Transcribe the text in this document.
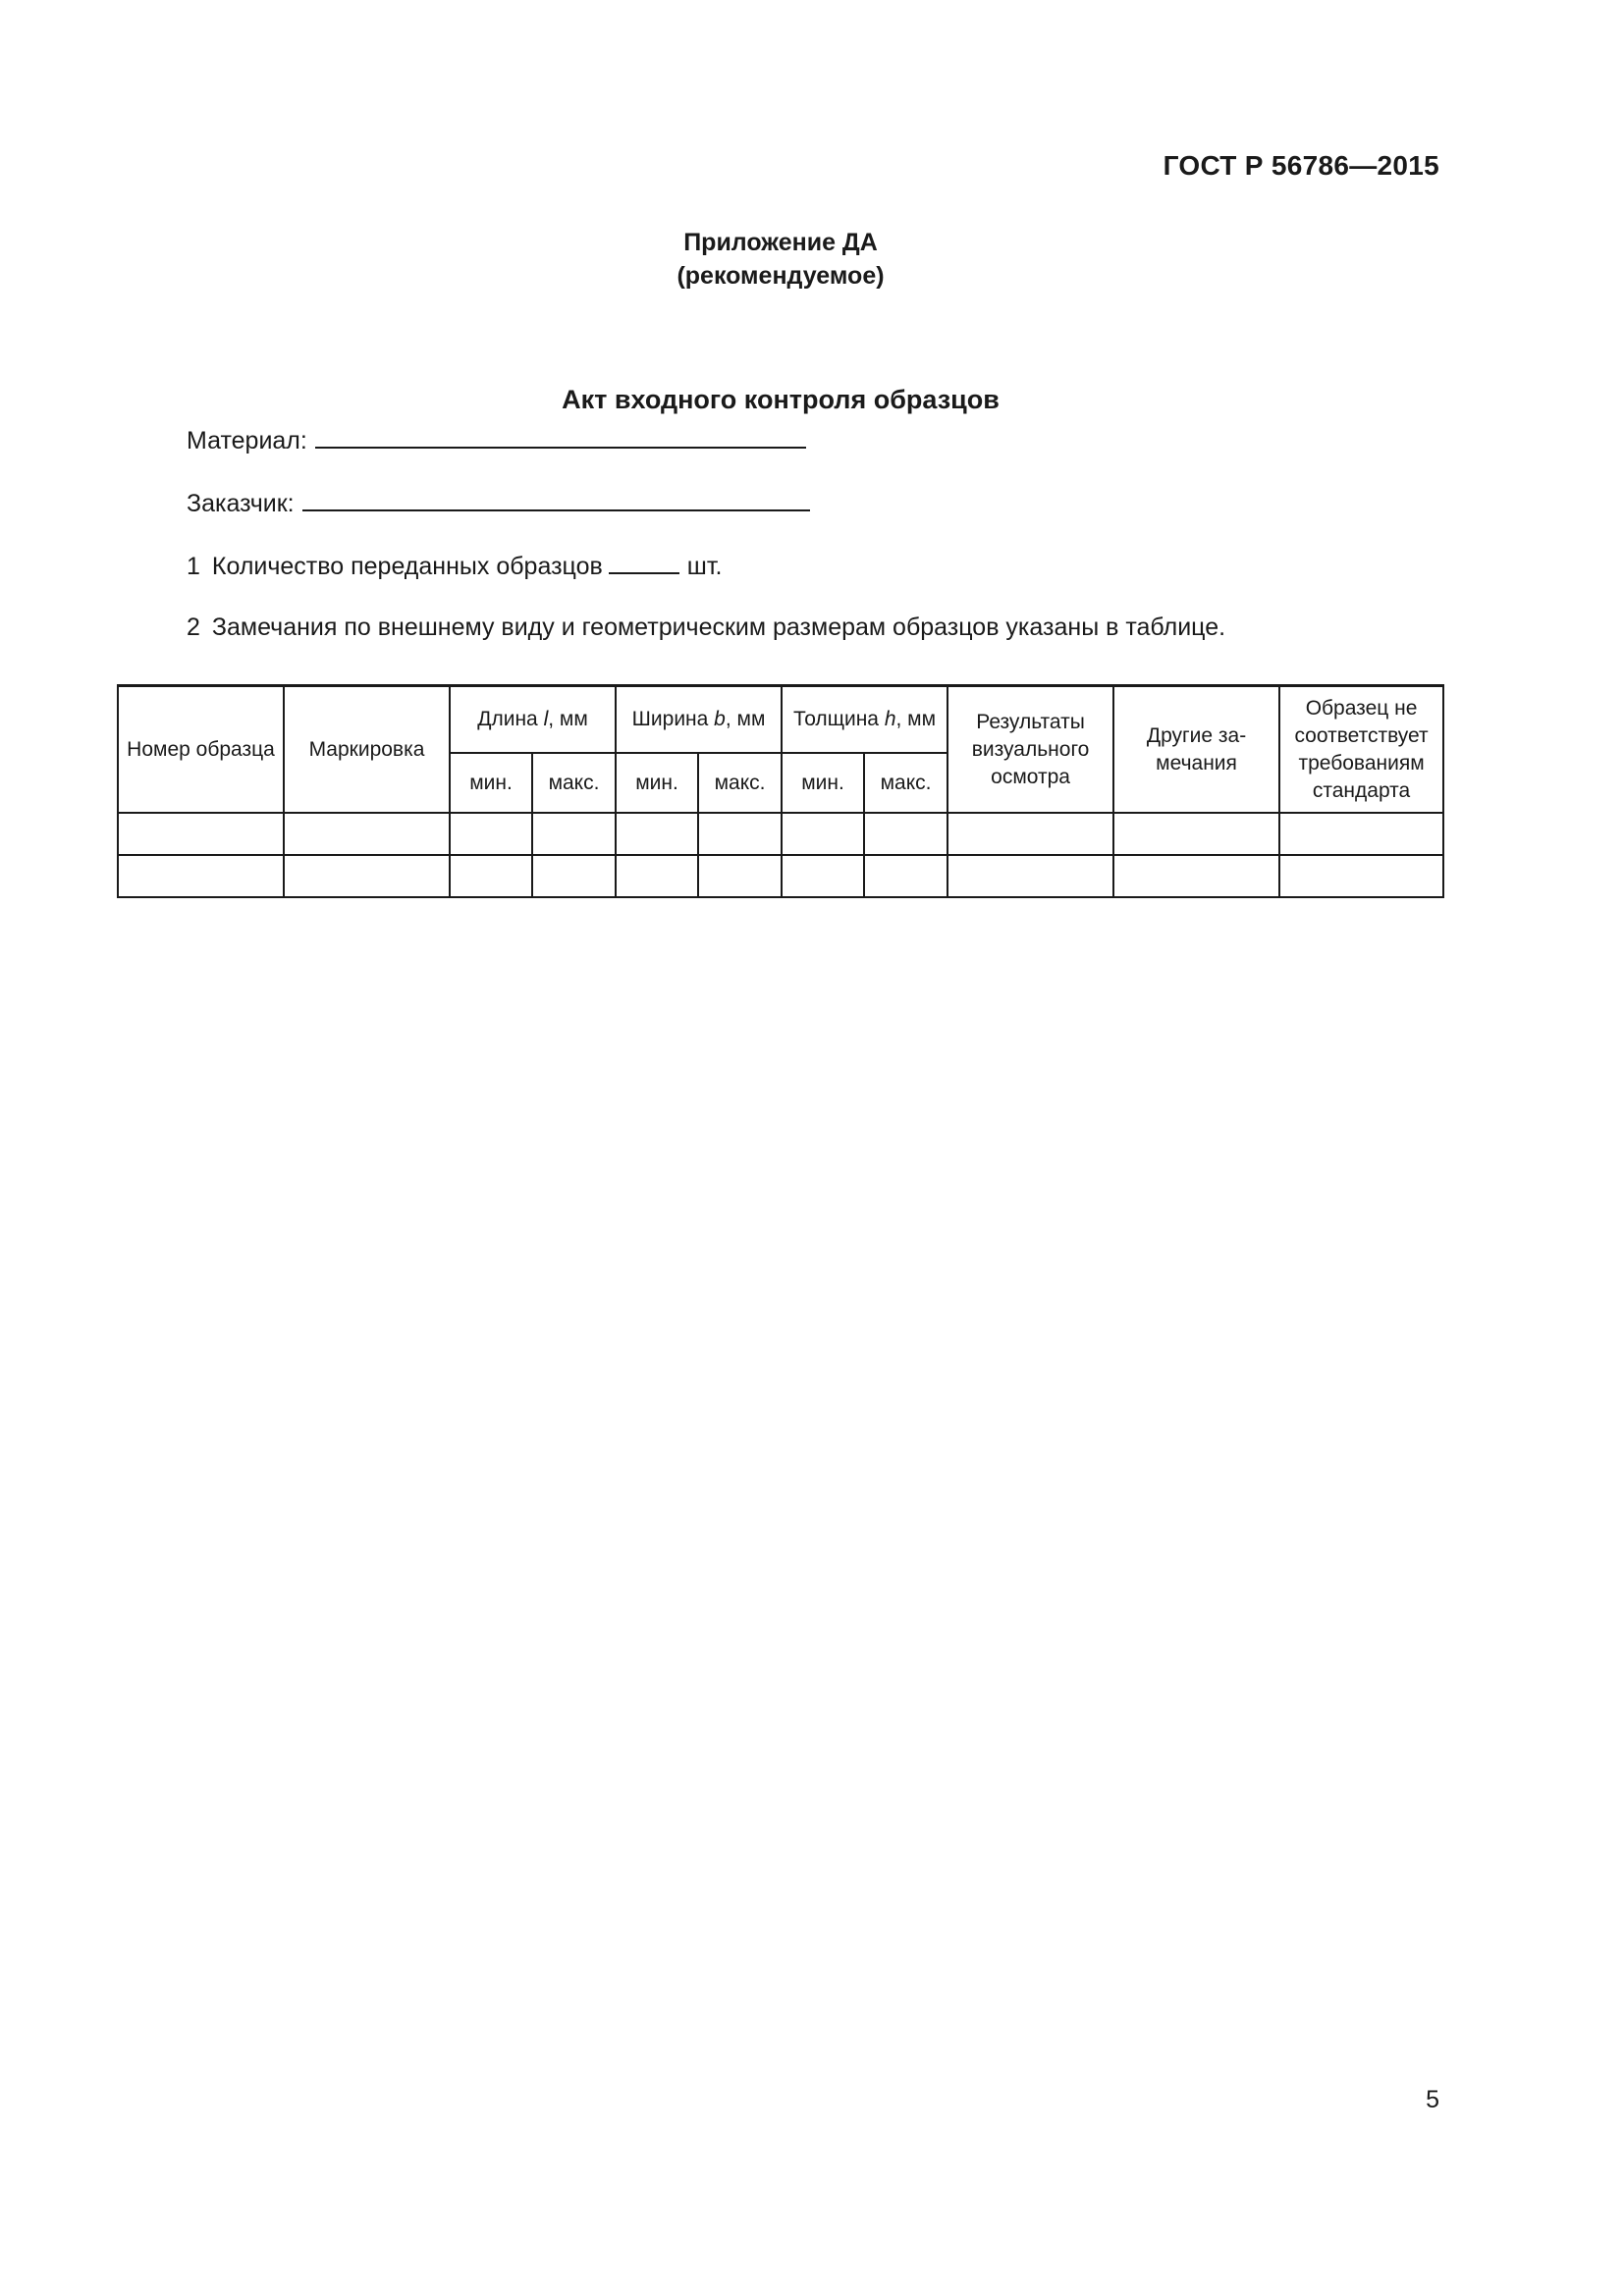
ГОСТ Р 56786—2015
Приложение ДА
(рекомендуемое)
Акт входного контроля образцов
Материал:
Заказчик:
1 Количество переданных образцов	шт.
2 Замечания по внешнему виду и геометрическим размерам образцов указаны в таблице.
Номер образца	Маркировка	Длина l, мм		Ширина b, мм		Толщина h, мм		Результаты визуального осмотра	Другие за-мечания	Образец не соответствует требованиям стандарта
		мин.	макс.	мин.	макс.	мин.	макс.			

5
